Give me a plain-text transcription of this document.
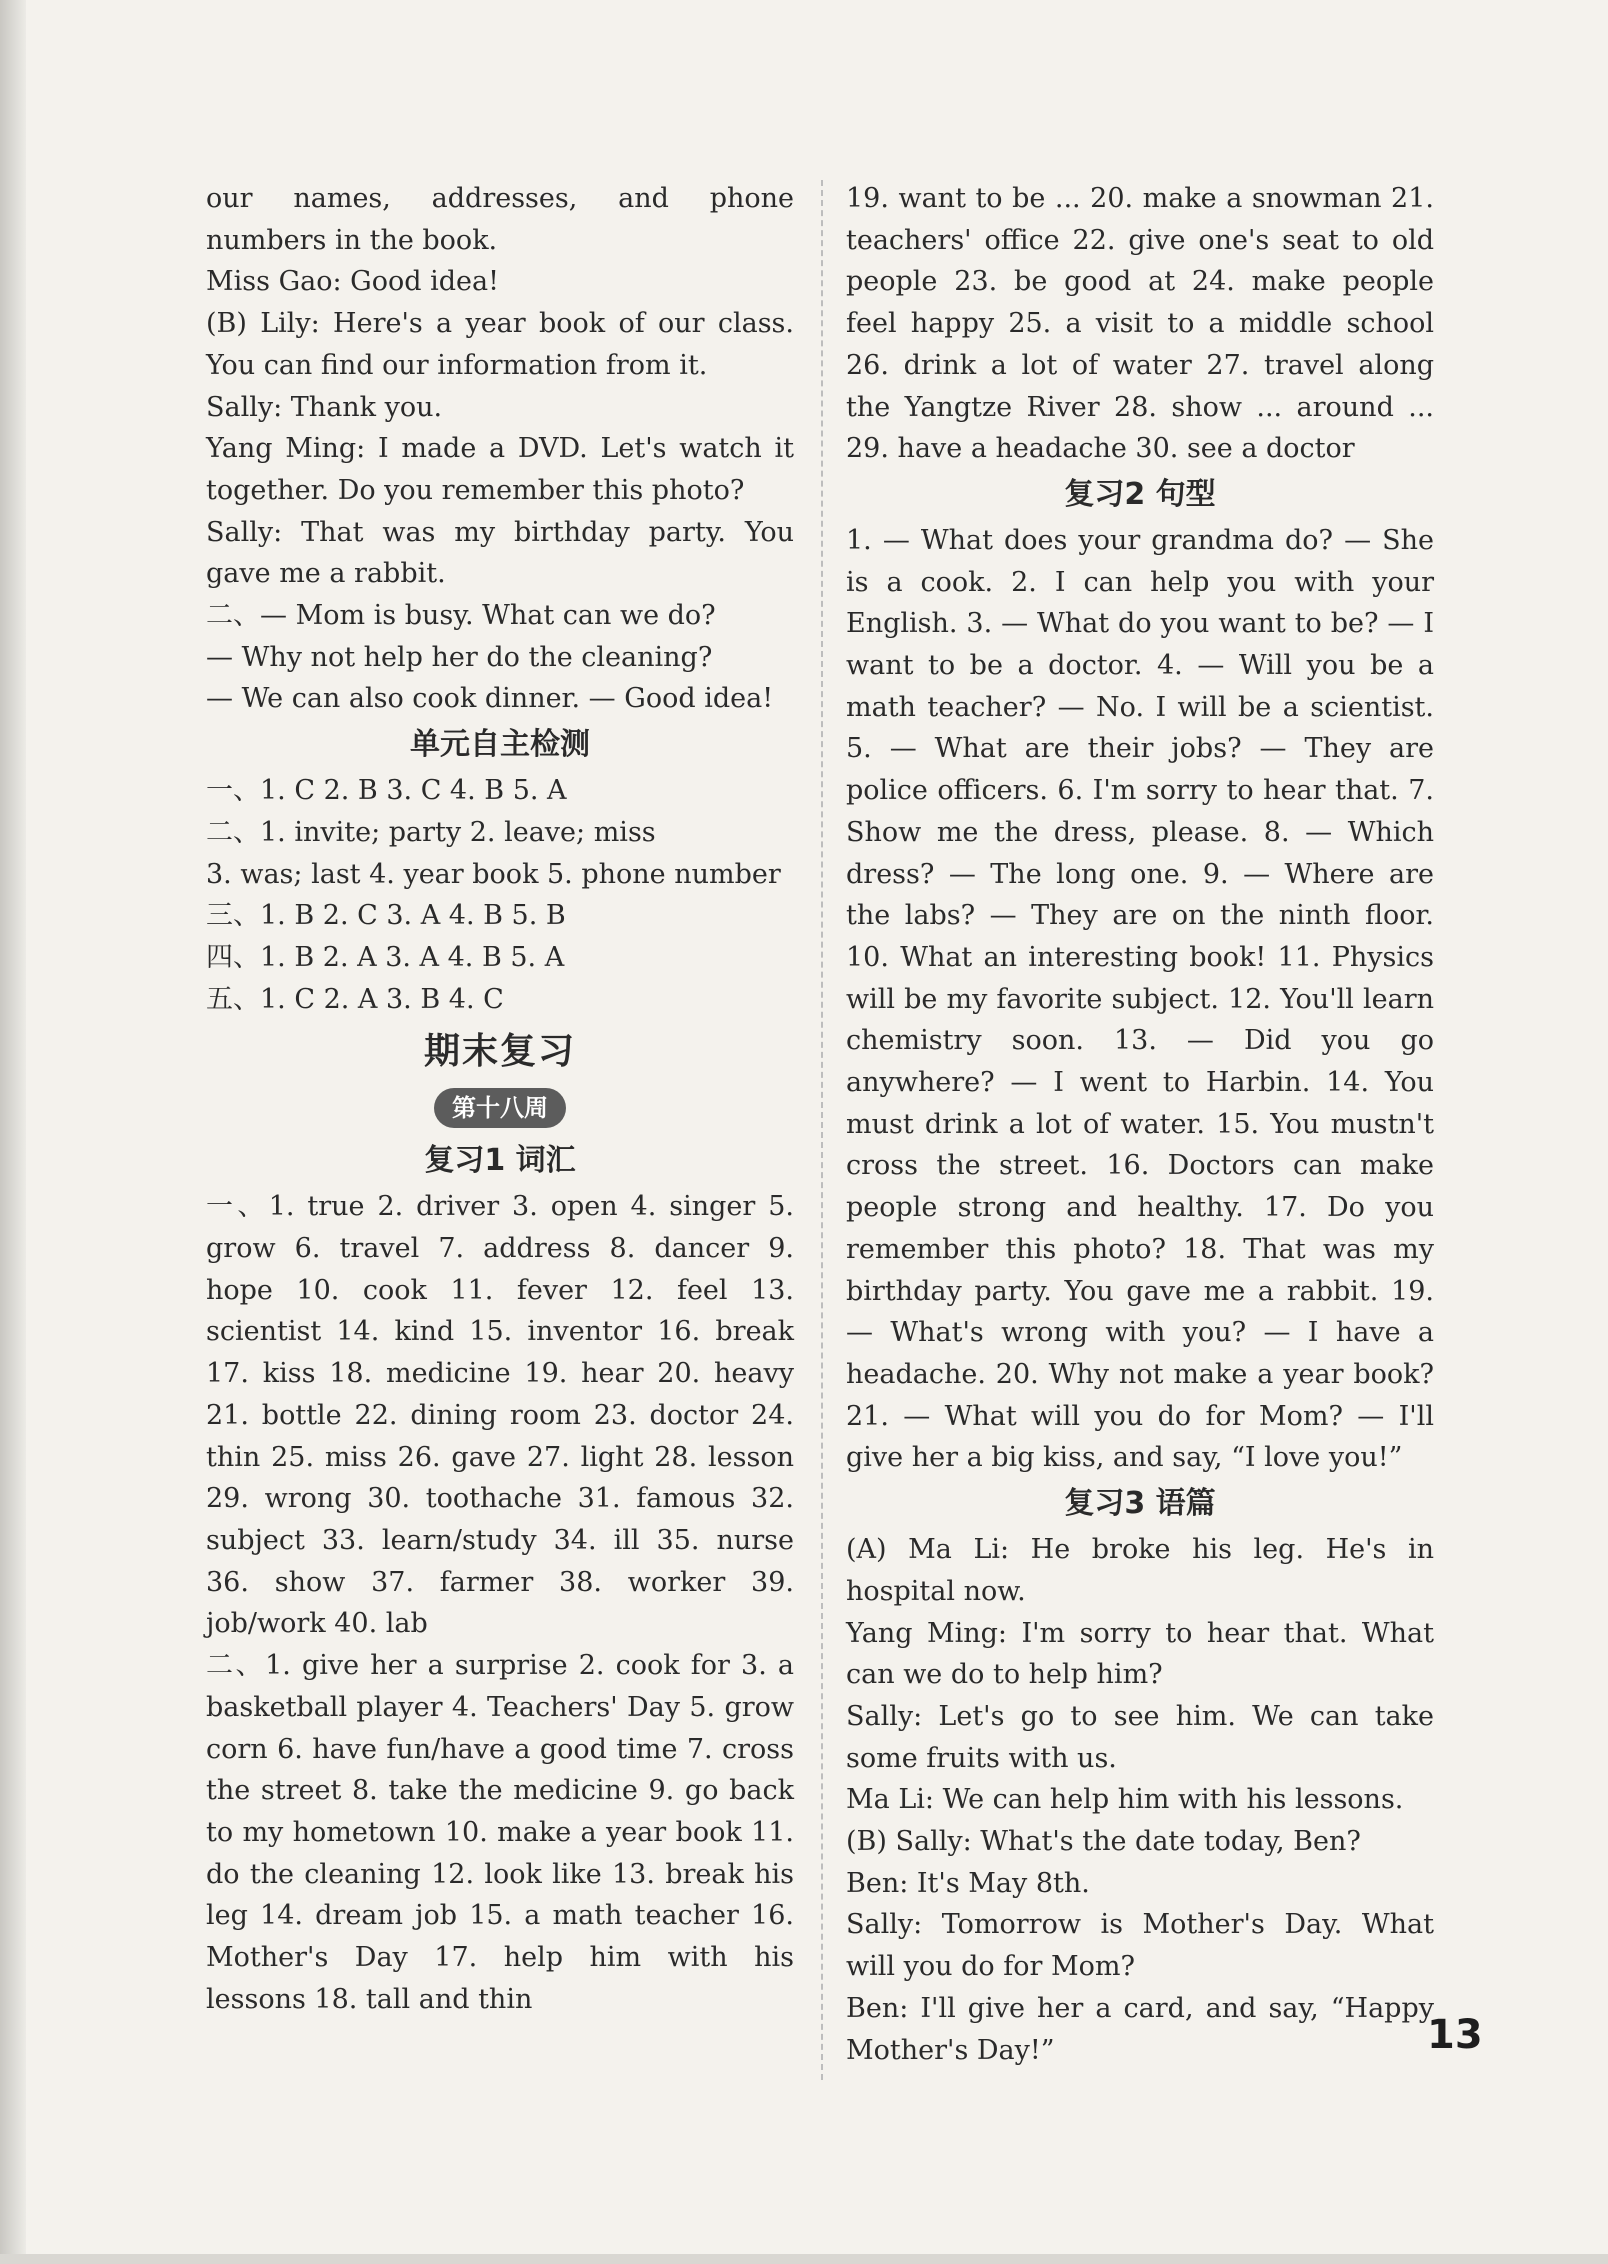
our names, addresses, and phone numbers in the book.

Miss Gao: Good idea!

(B) Lily: Here's a year book of our class. You can find our information from it.

Sally: Thank you.

Yang Ming: I made a DVD. Let's watch it together. Do you remember this photo?

Sally: That was my birthday party. You gave me a rabbit.

二、— Mom is busy. What can we do?

— Why not help her do the cleaning?

— We can also cook dinner. — Good idea!

单元自主检测

一、1. C 2. B 3. C 4. B 5. A

二、1. invite; party 2. leave; miss

3. was; last 4. year book 5. phone number

三、1. B 2. C 3. A 4. B 5. B

四、1. B 2. A 3. A 4. B 5. A

五、1. C 2. A 3. B 4. C

期末复习
第十八周
复习1 词汇

一、1. true 2. driver 3. open 4. singer 5. grow 6. travel 7. address 8. dancer 9. hope 10. cook 11. fever 12. feel 13. scientist 14. kind 15. inventor 16. break 17. kiss 18. medicine 19. hear 20. heavy 21. bottle 22. dining room 23. doctor 24. thin 25. miss 26. gave 27. light 28. lesson 29. wrong 30. toothache 31. famous 32. subject 33. learn/study 34. ill 35. nurse 36. show 37. farmer 38. worker 39. job/work 40. lab

二、1. give her a surprise 2. cook for 3. a basketball player 4. Teachers' Day 5. grow corn 6. have fun/have a good time 7. cross the street 8. take the medicine 9. go back to my hometown 10. make a year book 11. do the cleaning 12. look like 13. break his leg 14. dream job 15. a math teacher 16. Mother's Day 17. help him with his lessons 18. tall and thin

19. want to be ... 20. make a snowman 21. teachers' office 22. give one's seat to old people 23. be good at 24. make people feel happy 25. a visit to a middle school 26. drink a lot of water 27. travel along the Yangtze River 28. show ... around ... 29. have a headache 30. see a doctor

复习2 句型

1. — What does your grandma do? — She is a cook. 2. I can help you with your English. 3. — What do you want to be? — I want to be a doctor. 4. — Will you be a math teacher? — No. I will be a scientist. 5. — What are their jobs? — They are police officers. 6. I'm sorry to hear that. 7. Show me the dress, please. 8. — Which dress? — The long one. 9. — Where are the labs? — They are on the ninth floor. 10. What an interesting book! 11. Physics will be my favorite subject. 12. You'll learn chemistry soon. 13. — Did you go anywhere? — I went to Harbin. 14. You must drink a lot of water. 15. You mustn't cross the street. 16. Doctors can make people strong and healthy. 17. Do you remember this photo? 18. That was my birthday party. You gave me a rabbit. 19. — What's wrong with you? — I have a headache. 20. Why not make a year book? 21. — What will you do for Mom? — I'll give her a big kiss, and say, “I love you!”

复习3 语篇

(A) Ma Li: He broke his leg. He's in hospital now.

Yang Ming: I'm sorry to hear that. What can we do to help him?

Sally: Let's go to see him. We can take some fruits with us.

Ma Li: We can help him with his lessons.

(B) Sally: What's the date today, Ben?

Ben: It's May 8th.

Sally: Tomorrow is Mother's Day. What will you do for Mom?

Ben: I'll give her a card, and say, “Happy Mother's Day!”	13
